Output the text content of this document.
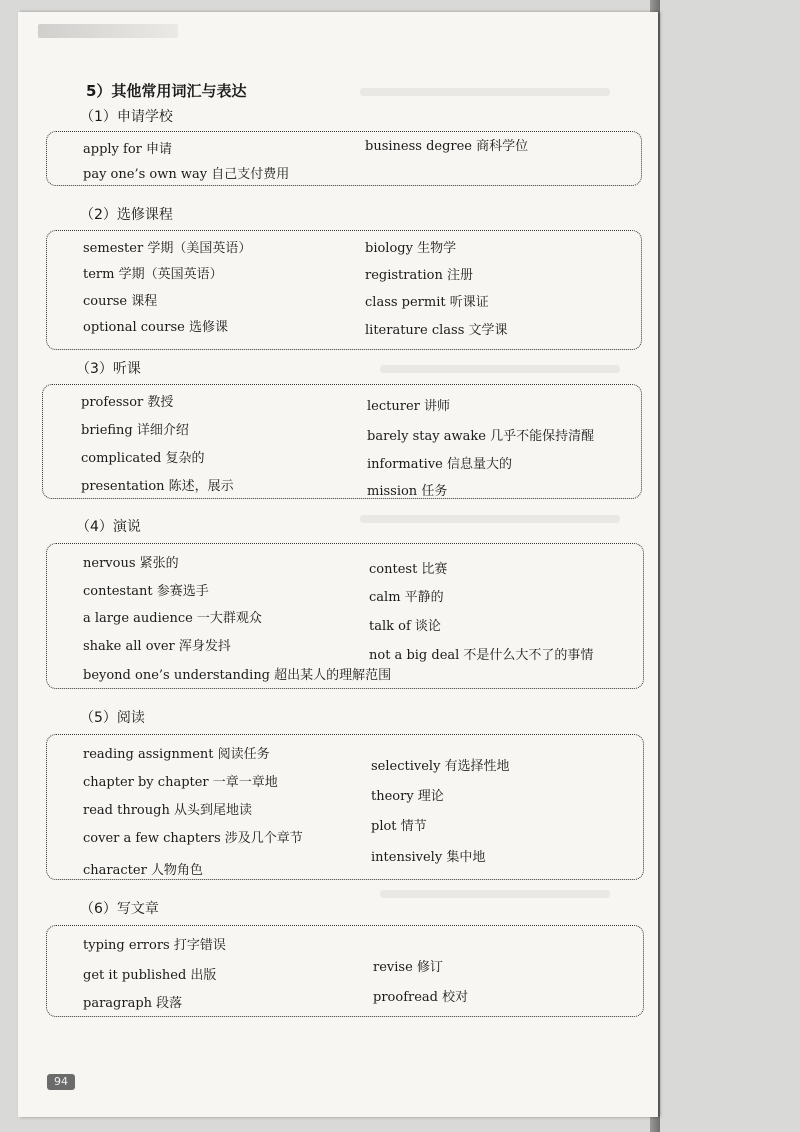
5）其他常用词汇与表达
（1）申请学校
apply for 申请
pay one’s own way 自己支付费用
business degree 商科学位
（2）选修课程
semester 学期（美国英语）
term 学期（英国英语）
course 课程
optional course 选修课
biology 生物学
registration 注册
class permit 听课证
literature class 文学课
（3）听课
professor 教授
briefing 详细介绍
complicated 复杂的
presentation 陈述，展示
lecturer 讲师
barely stay awake 几乎不能保持清醒
informative 信息量大的
mission 任务
（4）演说
nervous 紧张的
contestant 参赛选手
a large audience 一大群观众
shake all over 浑身发抖
beyond one’s understanding 超出某人的理解范围
contest 比赛
calm 平静的
talk of 谈论
not a big deal 不是什么大不了的事情
（5）阅读
reading assignment 阅读任务
chapter by chapter 一章一章地
read through 从头到尾地读
cover a few chapters 涉及几个章节
character 人物角色
selectively 有选择性地
theory 理论
plot 情节
intensively 集中地
（6）写文章
typing errors 打字错误
get it published 出版
paragraph 段落
revise 修订
proofread 校对
94
